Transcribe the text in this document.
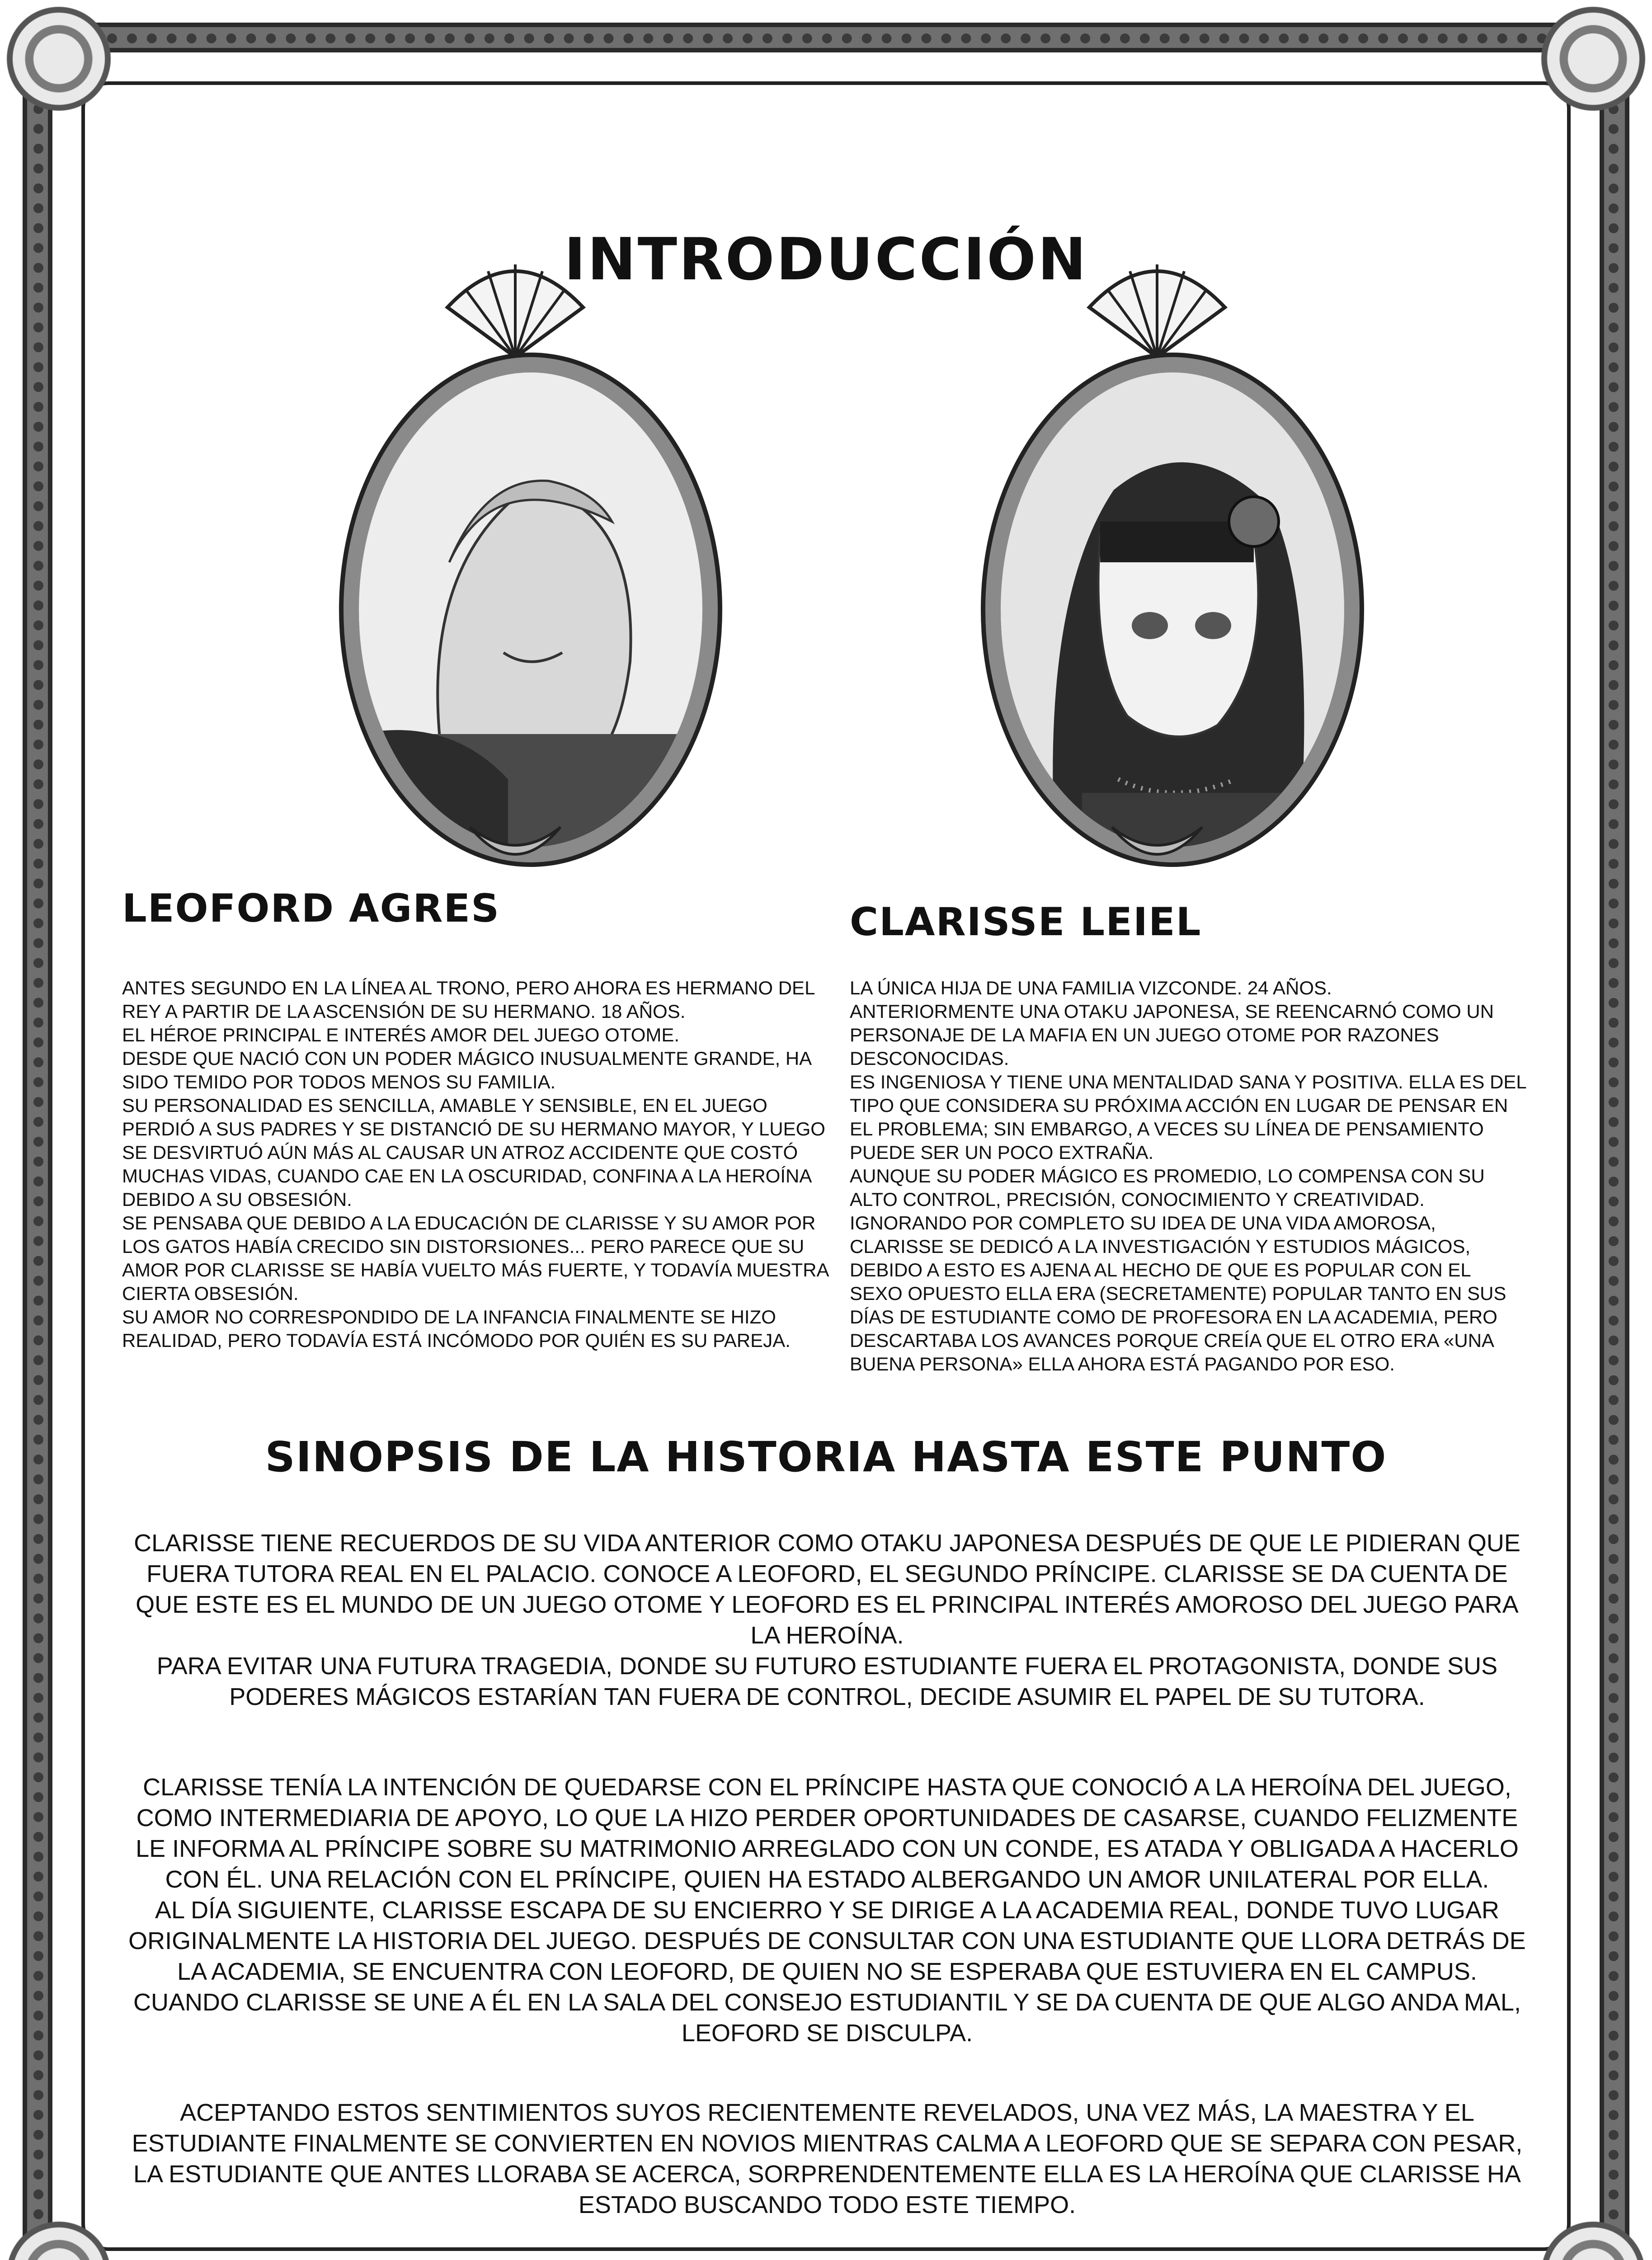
INTRODUCCIÓN
LEOFORD AGRES
ANTES SEGUNDO EN LA LÍNEA AL TRONO, PERO AHORA ES HERMANO DEL REY A PARTIR DE LA ASCENSIÓN DE SU HERMANO. 18 AÑOS.
EL HÉROE PRINCIPAL E INTERÉS AMOR DEL JUEGO OTOME.
DESDE QUE NACIÓ CON UN PODER MÁGICO INUSUALMENTE GRANDE, HA SIDO TEMIDO POR TODOS MENOS SU FAMILIA.
SU PERSONALIDAD ES SENCILLA, AMABLE Y SENSIBLE, EN EL JUEGO PERDIÓ A SUS PADRES Y SE DISTANCIÓ DE SU HERMANO MAYOR, Y LUEGO SE DESVIRTUÓ AÚN MÁS AL CAUSAR UN ATROZ ACCIDENTE QUE COSTÓ MUCHAS VIDAS, CUANDO CAE EN LA OSCURIDAD, CONFINA A LA HEROÍNA DEBIDO A SU OBSESIÓN.
SE PENSABA QUE DEBIDO A LA EDUCACIÓN DE CLARISSE Y SU AMOR POR LOS GATOS HABÍA CRECIDO SIN DISTORSIONES... PERO PARECE QUE SU AMOR POR CLARISSE SE HABÍA VUELTO MÁS FUERTE, Y TODAVÍA MUESTRA CIERTA OBSESIÓN.
SU AMOR NO CORRESPONDIDO DE LA INFANCIA FINALMENTE SE HIZO REALIDAD, PERO TODAVÍA ESTÁ INCÓMODO POR QUIÉN ES SU PAREJA.
CLARISSE LEIEL
LA ÚNICA HIJA DE UNA FAMILIA VIZCONDE. 24 AÑOS.
ANTERIORMENTE UNA OTAKU JAPONESA, SE REENCARNÓ COMO UN PERSONAJE DE LA MAFIA EN UN JUEGO OTOME POR RAZONES DESCONOCIDAS.
ES INGENIOSA Y TIENE UNA MENTALIDAD SANA Y POSITIVA. ELLA ES DEL TIPO QUE CONSIDERA SU PRÓXIMA ACCIÓN EN LUGAR DE PENSAR EN EL PROBLEMA; SIN EMBARGO, A VECES SU LÍNEA DE PENSAMIENTO PUEDE SER UN POCO EXTRAÑA.
AUNQUE SU PODER MÁGICO ES PROMEDIO, LO COMPENSA CON SU ALTO CONTROL, PRECISIÓN, CONOCIMIENTO Y CREATIVIDAD.
IGNORANDO POR COMPLETO SU IDEA DE UNA VIDA AMOROSA, CLARISSE SE DEDICÓ A LA INVESTIGACIÓN Y ESTUDIOS MÁGICOS, DEBIDO A ESTO ES AJENA AL HECHO DE QUE ES POPULAR CON EL SEXO OPUESTO ELLA ERA (SECRETAMENTE) POPULAR TANTO EN SUS DÍAS DE ESTUDIANTE COMO DE PROFESORA EN LA ACADEMIA, PERO DESCARTABA LOS AVANCES PORQUE CREÍA QUE EL OTRO ERA «UNA BUENA PERSONA» ELLA AHORA ESTÁ PAGANDO POR ESO.
SINOPSIS DE LA HISTORIA HASTA ESTE PUNTO
CLARISSE TIENE RECUERDOS DE SU VIDA ANTERIOR COMO OTAKU JAPONESA DESPUÉS DE QUE LE PIDIERAN QUE FUERA TUTORA REAL EN EL PALACIO. CONOCE A LEOFORD, EL SEGUNDO PRÍNCIPE. CLARISSE SE DA CUENTA DE QUE ESTE ES EL MUNDO DE UN JUEGO OTOME Y LEOFORD ES EL PRINCIPAL INTERÉS AMOROSO DEL JUEGO PARA LA HEROÍNA.
PARA EVITAR UNA FUTURA TRAGEDIA, DONDE SU FUTURO ESTUDIANTE FUERA EL PROTAGONISTA, DONDE SUS PODERES MÁGICOS ESTARÍAN TAN FUERA DE CONTROL, DECIDE ASUMIR EL PAPEL DE SU TUTORA.
CLARISSE TENÍA LA INTENCIÓN DE QUEDARSE CON EL PRÍNCIPE HASTA QUE CONOCIÓ A LA HEROÍNA DEL JUEGO, COMO INTERMEDIARIA DE APOYO, LO QUE LA HIZO PERDER OPORTUNIDADES DE CASARSE, CUANDO FELIZMENTE LE INFORMA AL PRÍNCIPE SOBRE SU MATRIMONIO ARREGLADO CON UN CONDE, ES ATADA Y OBLIGADA A HACERLO CON ÉL. UNA RELACIÓN CON EL PRÍNCIPE, QUIEN HA ESTADO ALBERGANDO UN AMOR UNILATERAL POR ELLA.
AL DÍA SIGUIENTE, CLARISSE ESCAPA DE SU ENCIERRO Y SE DIRIGE A LA ACADEMIA REAL, DONDE TUVO LUGAR ORIGINALMENTE LA HISTORIA DEL JUEGO. DESPUÉS DE CONSULTAR CON UNA ESTUDIANTE QUE LLORA DETRÁS DE LA ACADEMIA, SE ENCUENTRA CON LEOFORD, DE QUIEN NO SE ESPERABA QUE ESTUVIERA EN EL CAMPUS. CUANDO CLARISSE SE UNE A ÉL EN LA SALA DEL CONSEJO ESTUDIANTIL Y SE DA CUENTA DE QUE ALGO ANDA MAL, LEOFORD SE DISCULPA.
ACEPTANDO ESTOS SENTIMIENTOS SUYOS RECIENTEMENTE REVELADOS, UNA VEZ MÁS, LA MAESTRA Y EL ESTUDIANTE FINALMENTE SE CONVIERTEN EN NOVIOS MIENTRAS CALMA A LEOFORD QUE SE SEPARA CON PESAR, LA ESTUDIANTE QUE ANTES LLORABA SE ACERCA, SORPRENDENTEMENTE ELLA ES LA HEROÍNA QUE CLARISSE HA ESTADO BUSCANDO TODO ESTE TIEMPO.
